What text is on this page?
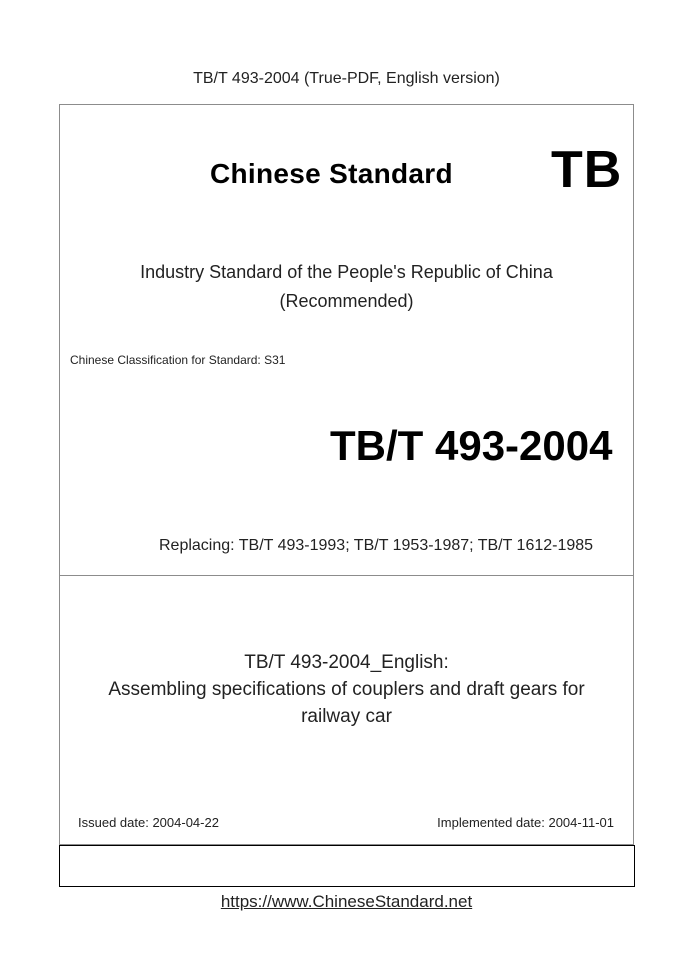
TB/T 493-2004 (True-PDF, English version)
Chinese Standard TB
Industry Standard of the People's Republic of China
(Recommended)
Chinese Classification for Standard: S31
TB/T 493-2004
Replacing: TB/T 493-1993; TB/T 1953-1987; TB/T 1612-1985
TB/T 493-2004_English:
Assembling specifications of couplers and draft gears for
railway car
Issued date: 2004-04-22	Implemented date: 2004-11-01
https://www.ChineseStandard.net
